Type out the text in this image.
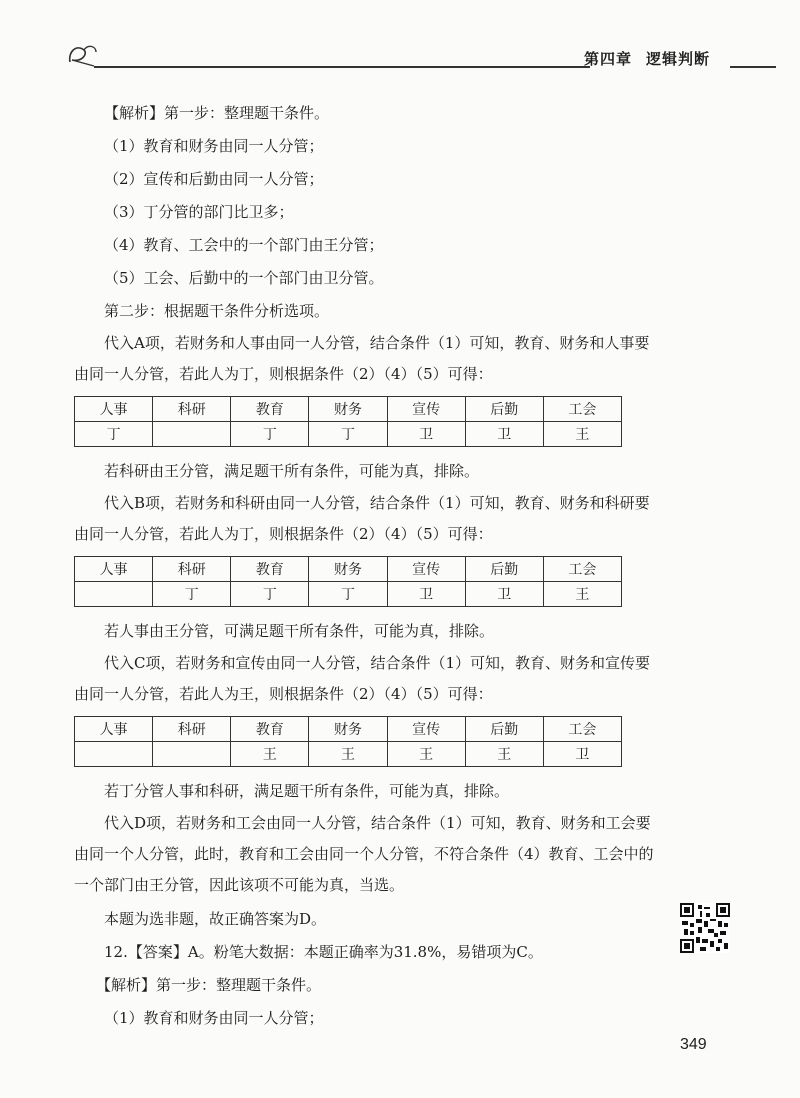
第四章 逻辑判断
【解析】第一步：整理题干条件。
（1）教育和财务由同一人分管；
（2）宣传和后勤由同一人分管；
（3）丁分管的部门比卫多；
（4）教育、工会中的一个部门由王分管；
（5）工会、后勤中的一个部门由卫分管。
第二步：根据题干条件分析选项。
代入A项，若财务和人事由同一人分管，结合条件（1）可知，教育、财务和人事要由同一人分管，若此人为丁，则根据条件（2）（4）（5）可得：
人事	科研	教育	财务	宣传	后勤	工会
丁		丁	丁	卫	卫	王
若科研由王分管，满足题干所有条件，可能为真，排除。
代入B项，若财务和科研由同一人分管，结合条件（1）可知，教育、财务和科研要由同一人分管，若此人为丁，则根据条件（2）（4）（5）可得：
人事	科研	教育	财务	宣传	后勤	工会
	丁	丁	丁	卫	卫	王
若人事由王分管，可满足题干所有条件，可能为真，排除。
代入C项，若财务和宣传由同一人分管，结合条件（1）可知，教育、财务和宣传要由同一人分管，若此人为王，则根据条件（2）（4）（5）可得：
人事	科研	教育	财务	宣传	后勤	工会
		王	王	王	王	卫
若丁分管人事和科研，满足题干所有条件，可能为真，排除。
代入D项，若财务和工会由同一人分管，结合条件（1）可知，教育、财务和工会要由同一个人分管，此时，教育和工会由同一个人分管，不符合条件（4）教育、工会中的一个部门由王分管，因此该项不可能为真，当选。
本题为选非题，故正确答案为D。
12.【答案】A。粉笔大数据：本题正确率为31.8%，易错项为C。
【解析】第一步：整理题干条件。
（1）教育和财务由同一人分管；
349
